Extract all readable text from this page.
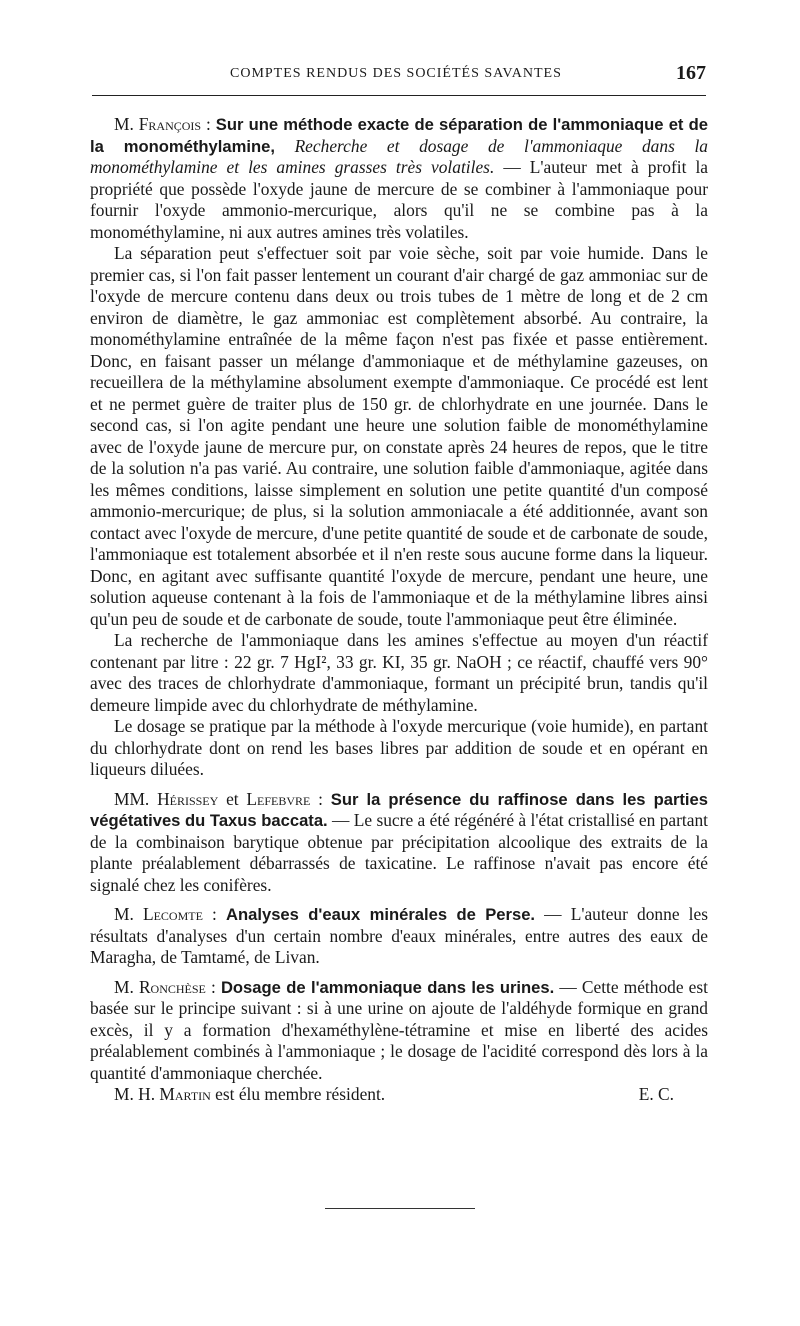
COMPTES RENDUS DES SOCIÉTÉS SAVANTES	167

M. François : Sur une méthode exacte de séparation de l'ammoniaque et de la monométhylamine, Recherche et dosage de l'ammoniaque dans la monométhylamine et les amines grasses très volatiles. — L'auteur met à profit la propriété que possède l'oxyde jaune de mercure de se combiner à l'ammoniaque pour fournir l'oxyde ammonio-mercurique, alors qu'il ne se combine pas à la monométhylamine, ni aux autres amines très volatiles.

La séparation peut s'effectuer soit par voie sèche, soit par voie humide. Dans le premier cas, si l'on fait passer lentement un courant d'air chargé de gaz ammoniac sur de l'oxyde de mercure contenu dans deux ou trois tubes de 1 mètre de long et de 2 cm environ de diamètre, le gaz ammoniac est complètement absorbé. Au contraire, la monométhylamine entraînée de la même façon n'est pas fixée et passe entièrement. Donc, en faisant passer un mélange d'ammoniaque et de méthylamine gazeuses, on recueillera de la méthylamine absolument exempte d'ammoniaque. Ce procédé est lent et ne permet guère de traiter plus de 150 gr. de chlorhydrate en une journée. Dans le second cas, si l'on agite pendant une heure une solution faible de monométhylamine avec de l'oxyde jaune de mercure pur, on constate après 24 heures de repos, que le titre de la solution n'a pas varié. Au contraire, une solution faible d'ammoniaque, agitée dans les mêmes conditions, laisse simplement en solution une petite quantité d'un composé ammonio-mercurique; de plus, si la solution ammoniacale a été additionnée, avant son contact avec l'oxyde de mercure, d'une petite quantité de soude et de carbonate de soude, l'ammoniaque est totalement absorbée et il n'en reste sous aucune forme dans la liqueur. Donc, en agitant avec suffisante quantité l'oxyde de mercure, pendant une heure, une solution aqueuse contenant à la fois de l'ammoniaque et de la méthylamine libres ainsi qu'un peu de soude et de carbonate de soude, toute l'ammoniaque peut être éliminée.

La recherche de l'ammoniaque dans les amines s'effectue au moyen d'un réactif contenant par litre : 22 gr. 7 HgI², 33 gr. KI, 35 gr. NaOH ; ce réactif, chauffé vers 90° avec des traces de chlorhydrate d'ammoniaque, formant un précipité brun, tandis qu'il demeure limpide avec du chlorhydrate de méthylamine.

Le dosage se pratique par la méthode à l'oxyde mercurique (voie humide), en partant du chlorhydrate dont on rend les bases libres par addition de soude et en opérant en liqueurs diluées.

MM. Hérissey et Lefebvre : Sur la présence du raffinose dans les parties végétatives du Taxus baccata. — Le sucre a été régénéré à l'état cristallisé en partant de la combinaison barytique obtenue par précipitation alcoolique des extraits de la plante préalablement débarrassés de taxicatine. Le raffinose n'avait pas encore été signalé chez les conifères.

M. Lecomte : Analyses d'eaux minérales de Perse. — L'auteur donne les résultats d'analyses d'un certain nombre d'eaux minérales, entre autres des eaux de Maragha, de Tamtamé, de Livan.

M. Ronchèse : Dosage de l'ammoniaque dans les urines. — Cette méthode est basée sur le principe suivant : si à une urine on ajoute de l'aldéhyde formique en grand excès, il y a formation d'hexaméthylène-tétramine et mise en liberté des acides préalablement combinés à l'ammoniaque ; le dosage de l'acidité correspond dès lors à la quantité d'ammoniaque cherchée.

M. H. Martin est élu membre résident.	E. C.
